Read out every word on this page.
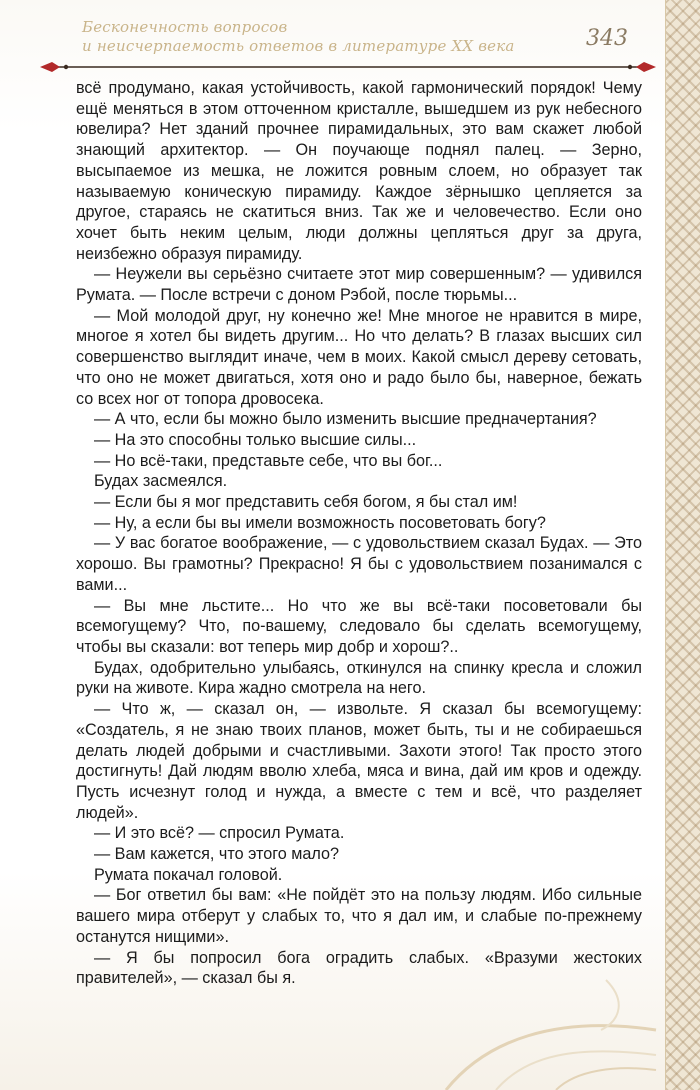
Бесконечность вопросов
и неисчерпаемость ответов в литературе XX века	343

всё продумано, какая устойчивость, какой гармонический порядок! Чему ещё меняться в этом отточенном кристалле, вышедшем из рук небесного ювелира? Нет зданий прочнее пирамидальных, это вам скажет любой знающий архитектор. — Он поучающе поднял палец. — Зерно, высыпаемое из мешка, не ложится ровным слоем, но образует так называемую коническую пирамиду. Каждое зёрнышко цепляется за другое, стараясь не скатиться вниз. Так же и человечество. Если оно хочет быть неким целым, люди должны цепляться друг за друга, неизбежно образуя пирамиду.

— Неужели вы серьёзно считаете этот мир совершенным? — удивился Румата. — После встречи с доном Рэбой, после тюрьмы...

— Мой молодой друг, ну конечно же! Мне многое не нравится в мире, многое я хотел бы видеть другим... Но что делать? В глазах высших сил совершенство выглядит иначе, чем в моих. Какой смысл дереву сетовать, что оно не может двигаться, хотя оно и радо было бы, наверное, бежать со всех ног от топора дровосека.

— А что, если бы можно было изменить высшие предначертания?

— На это способны только высшие силы...

— Но всё-таки, представьте себе, что вы бог...

Будах засмеялся.

— Если бы я мог представить себя богом, я бы стал им!

— Ну, а если бы вы имели возможность посоветовать богу?

— У вас богатое воображение, — с удовольствием сказал Будах. — Это хорошо. Вы грамотны? Прекрасно! Я бы с удовольствием позанимался с вами...

— Вы мне льстите... Но что же вы всё-таки посоветовали бы всемогущему? Что, по-вашему, следовало бы сделать всемогущему, чтобы вы сказали: вот теперь мир добр и хорош?..

Будах, одобрительно улыбаясь, откинулся на спинку кресла и сложил руки на животе. Кира жадно смотрела на него.

— Что ж, — сказал он, — извольте. Я сказал бы всемогущему: «Создатель, я не знаю твоих планов, может быть, ты и не собираешься делать людей добрыми и счастливыми. Захоти этого! Так просто этого достигнуть! Дай людям вволю хлеба, мяса и вина, дай им кров и одежду. Пусть исчезнут голод и нужда, а вместе с тем и всё, что разделяет людей».

— И это всё? — спросил Румата.

— Вам кажется, что этого мало?

Румата покачал головой.

— Бог ответил бы вам: «Не пойдёт это на пользу людям. Ибо сильные вашего мира отберут у слабых то, что я дал им, и слабые по-прежнему останутся нищими».

— Я бы попросил бога оградить слабых. «Вразуми жестоких правителей», — сказал бы я.
